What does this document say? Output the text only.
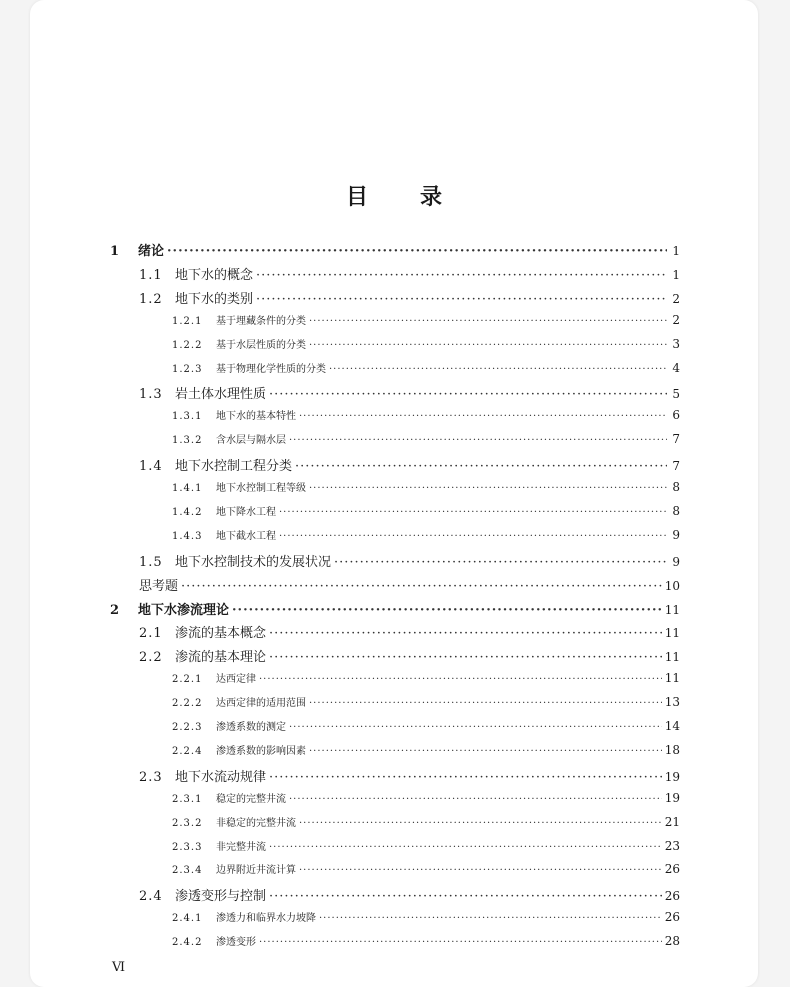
目 录
1	绪论 ·····	1
1.1 地下水的概念 ·····	1
1.2 地下水的类别 ·····	2
1.2.1	基于埋藏条件的分类 ·····	2
1.2.2	基于水层性质的分类 ·····	3
1.2.3	基于物理化学性质的分类 ·····	4
1.3 岩土体水理性质 ·····	5
1.3.1	地下水的基本特性 ·····	6
1.3.2	含水层与隔水层 ·····	7
1.4 地下水控制工程分类 ·····	7
1.4.1	地下水控制工程等级 ·····	8
1.4.2	地下降水工程 ·····	8
1.4.3	地下截水工程 ·····	9
1.5 地下水控制技术的发展状况 ·····	9
思考题 ·····	10
2	地下水渗流理论 ·····	11
2.1 渗流的基本概念 ·····	11
2.2 渗流的基本理论 ·····	11
2.2.1	达西定律 ·····	11
2.2.2	达西定律的适用范围 ·····	13
2.2.3	渗透系数的测定 ·····	14
2.2.4	渗透系数的影响因素 ·····	18
2.3 地下水流动规律 ·····	19
2.3.1	稳定的完整井流 ·····	19
2.3.2	非稳定的完整井流 ·····	21
2.3.3	非完整井流 ·····	23
2.3.4	边界附近井流计算 ·····	26
2.4 渗透变形与控制 ·····	26
2.4.1	渗透力和临界水力坡降 ·····	26
2.4.2	渗透变形 ·····	28
Ⅵ
